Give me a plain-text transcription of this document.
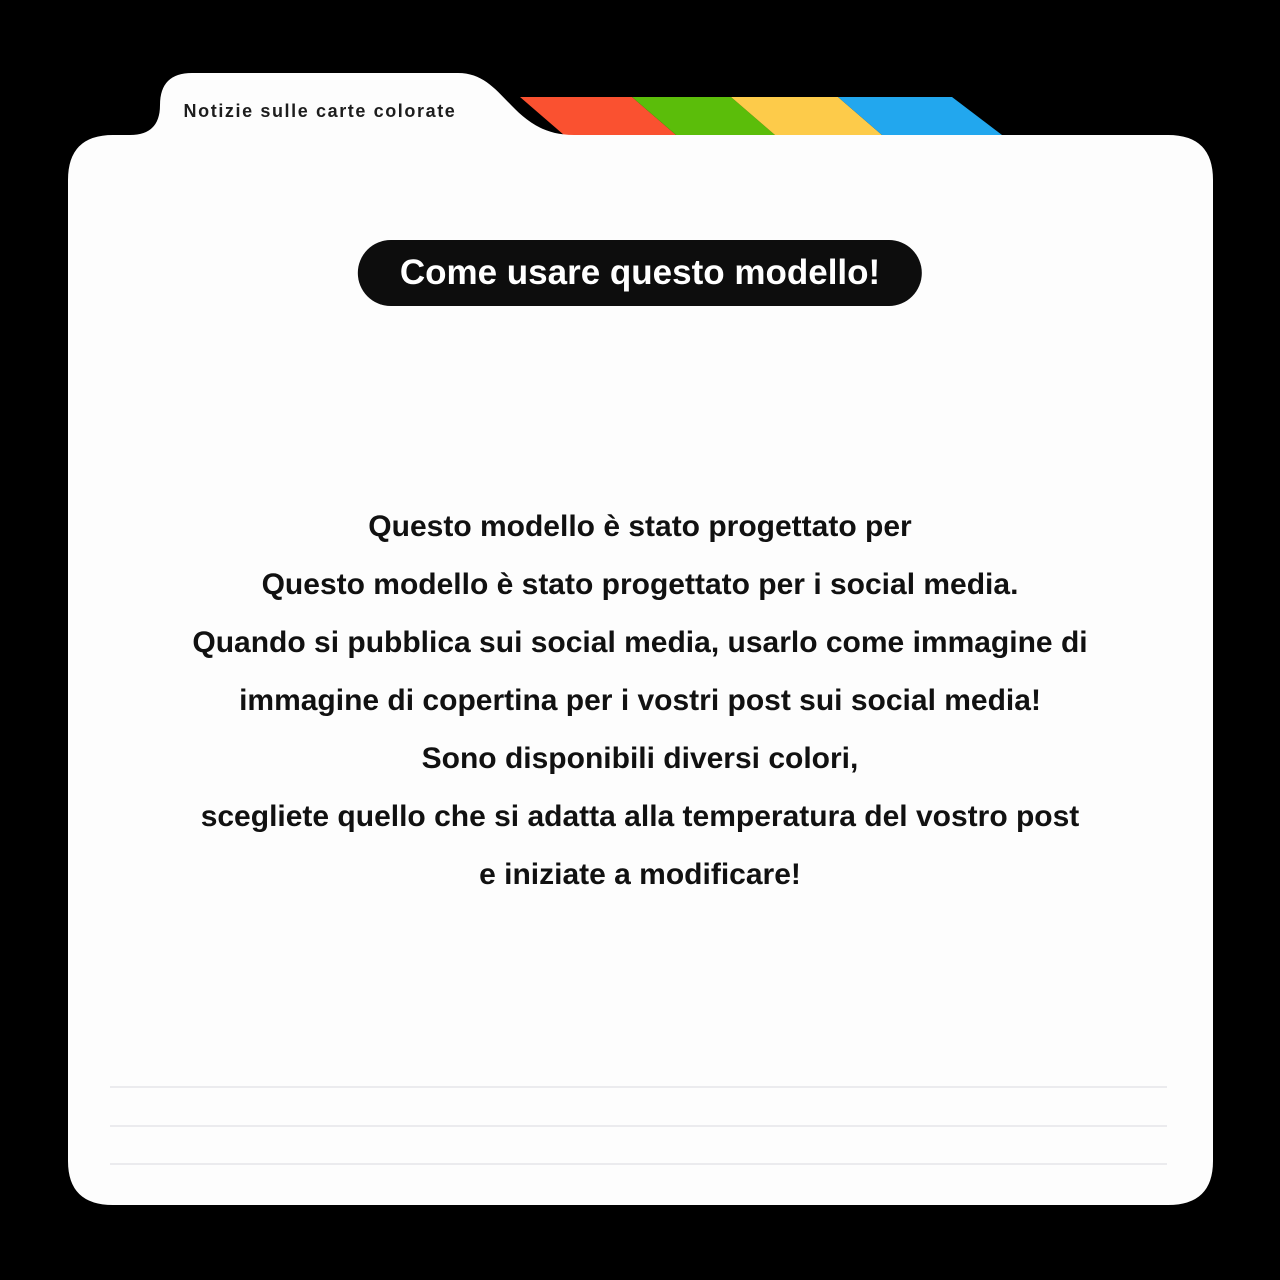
Notizie sulle carte colorate
Come usare questo modello!
Questo modello è stato progettato per
Questo modello è stato progettato per i social media.
Quando si pubblica sui social media, usarlo come immagine di
immagine di copertina per i vostri post sui social media!
Sono disponibili diversi colori,
scegliete quello che si adatta alla temperatura del vostro post
e iniziate a modificare!
